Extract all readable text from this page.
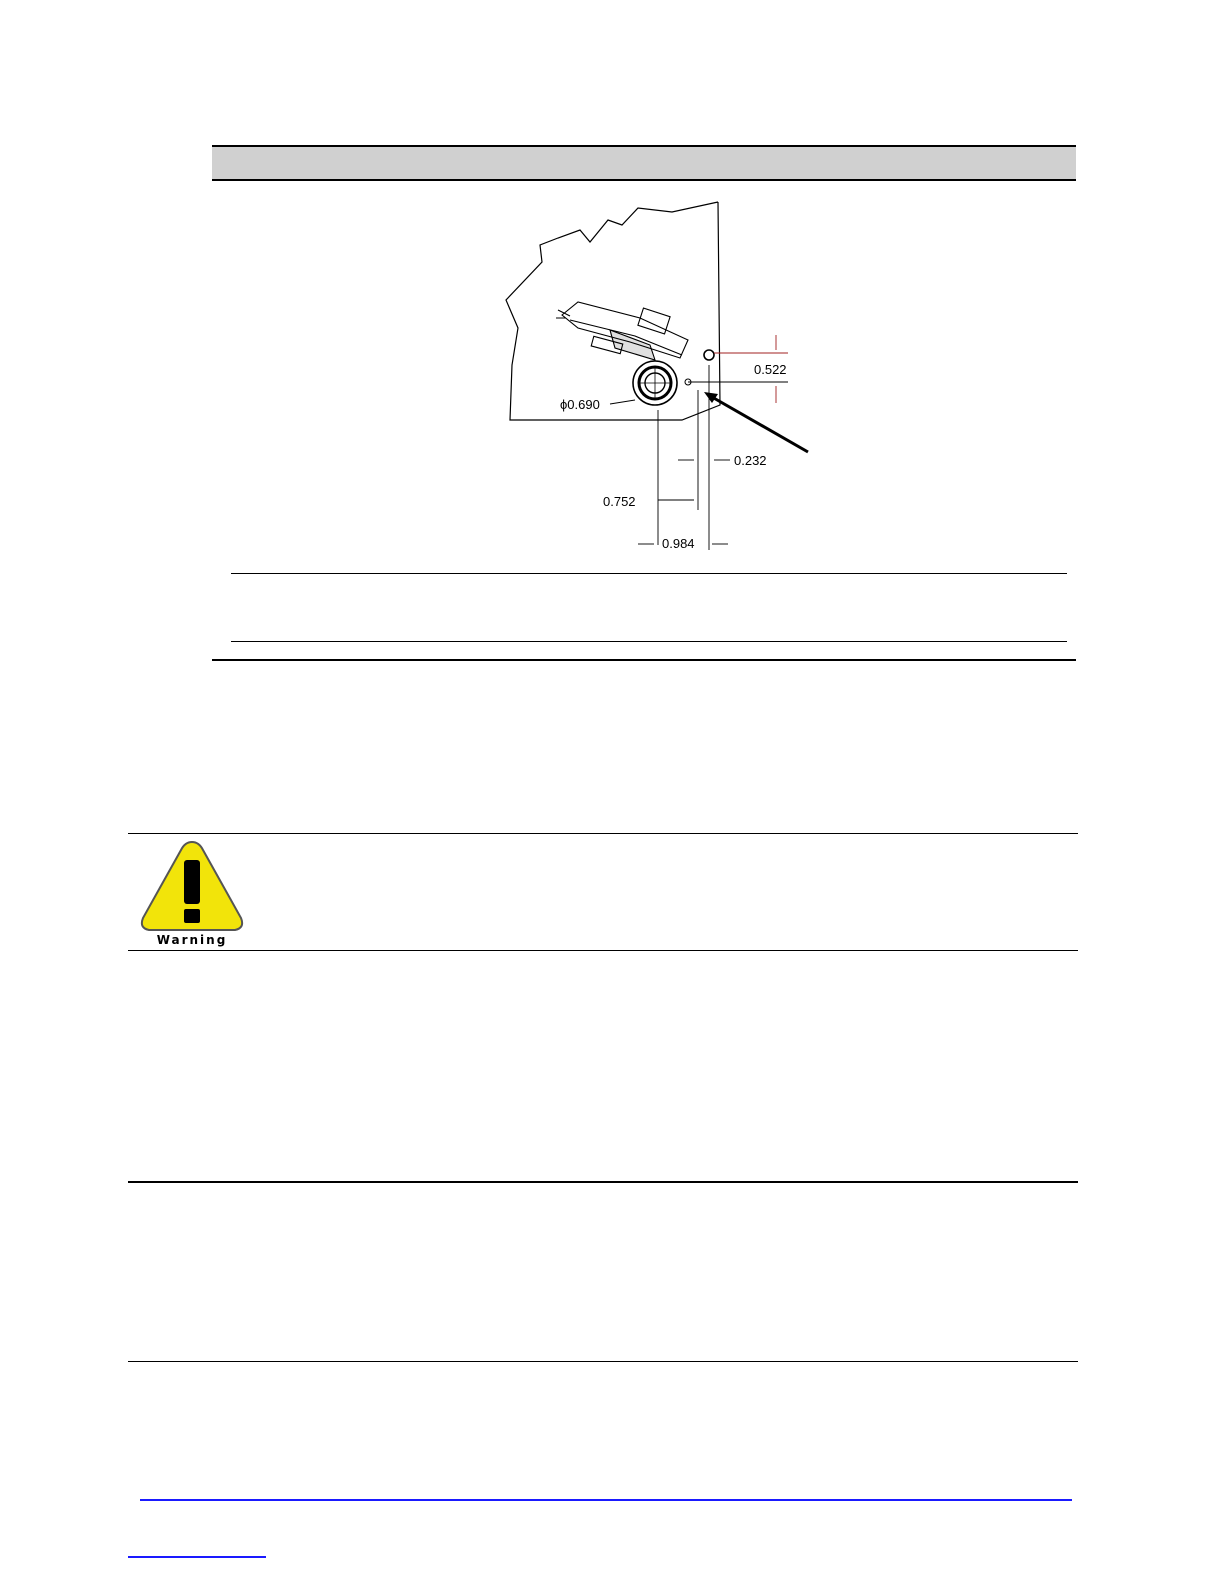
0.522
ϕ0.690
0.232
0.752
0.984
Warning
